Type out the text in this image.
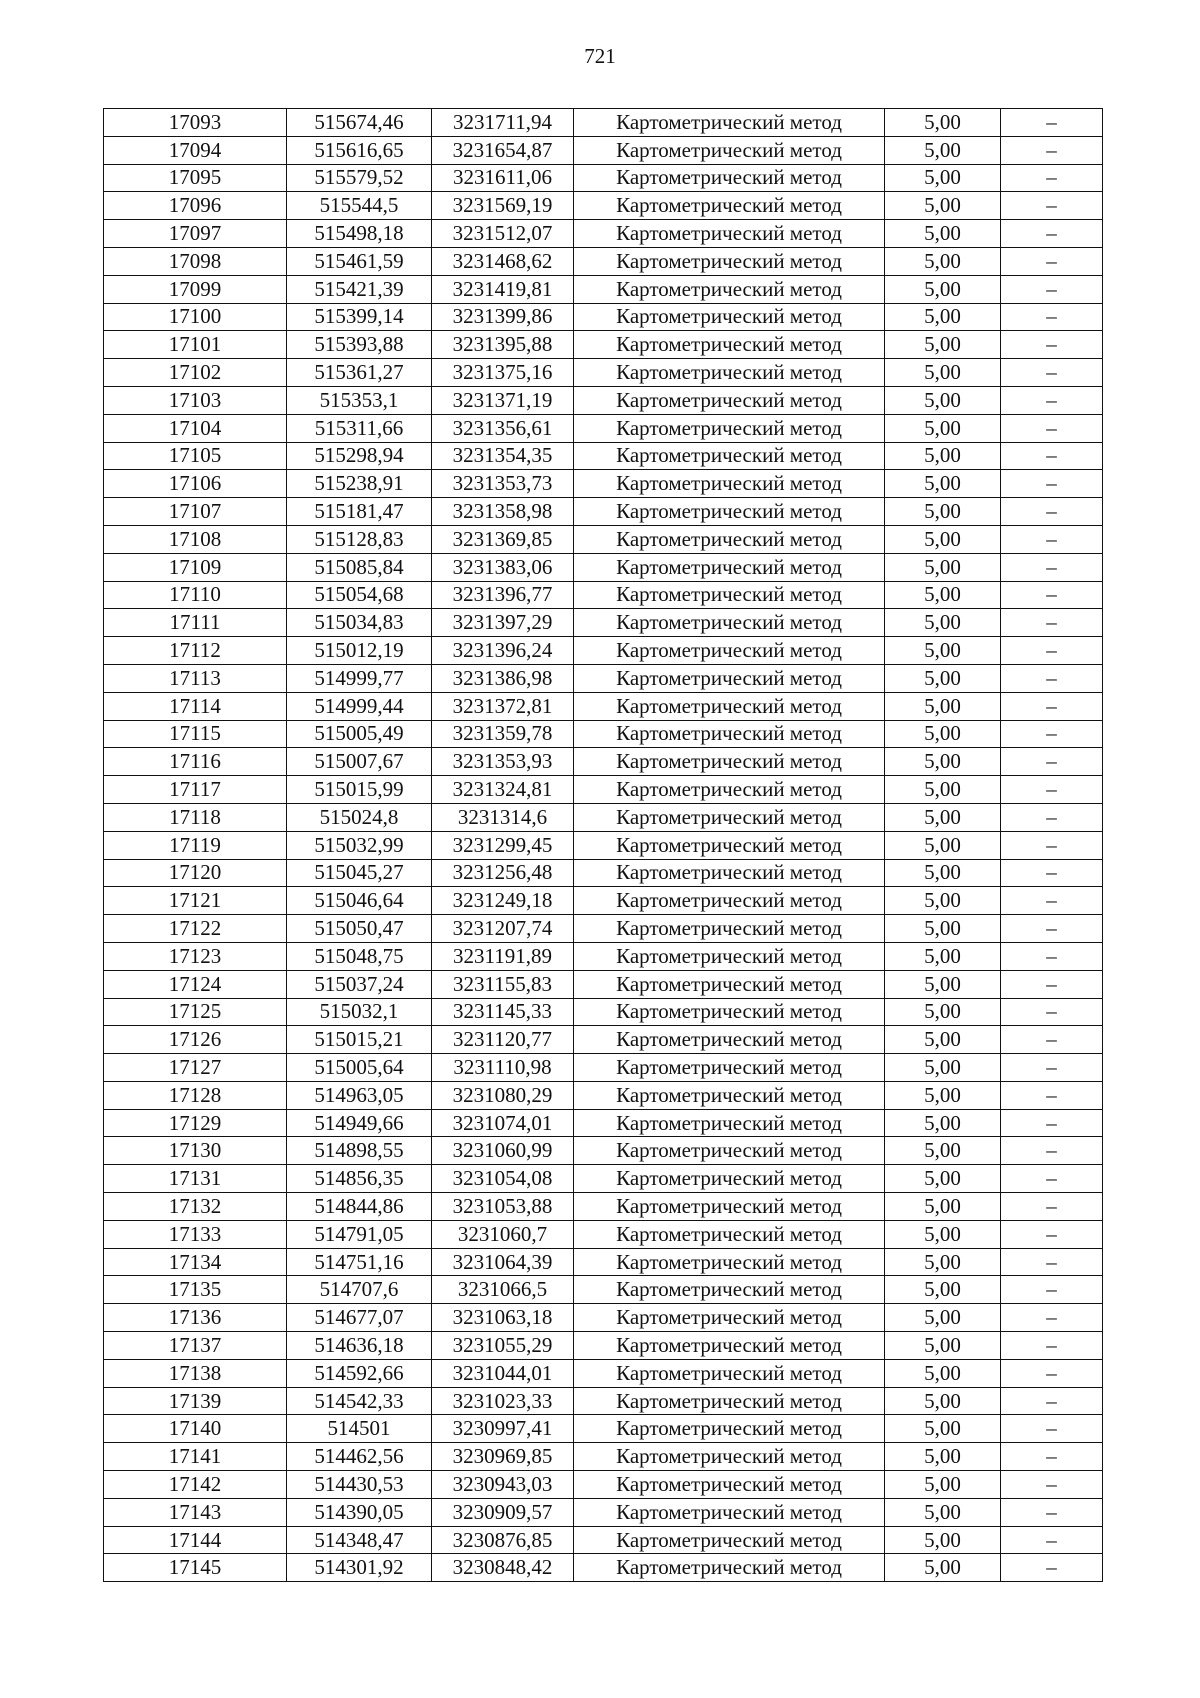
721
17093	515674,46	3231711,94	Картометрический метод	5,00	–
17094	515616,65	3231654,87	Картометрический метод	5,00	–
17095	515579,52	3231611,06	Картометрический метод	5,00	–
17096	515544,5	3231569,19	Картометрический метод	5,00	–
17097	515498,18	3231512,07	Картометрический метод	5,00	–
17098	515461,59	3231468,62	Картометрический метод	5,00	–
17099	515421,39	3231419,81	Картометрический метод	5,00	–
17100	515399,14	3231399,86	Картометрический метод	5,00	–
17101	515393,88	3231395,88	Картометрический метод	5,00	–
17102	515361,27	3231375,16	Картометрический метод	5,00	–
17103	515353,1	3231371,19	Картометрический метод	5,00	–
17104	515311,66	3231356,61	Картометрический метод	5,00	–
17105	515298,94	3231354,35	Картометрический метод	5,00	–
17106	515238,91	3231353,73	Картометрический метод	5,00	–
17107	515181,47	3231358,98	Картометрический метод	5,00	–
17108	515128,83	3231369,85	Картометрический метод	5,00	–
17109	515085,84	3231383,06	Картометрический метод	5,00	–
17110	515054,68	3231396,77	Картометрический метод	5,00	–
17111	515034,83	3231397,29	Картометрический метод	5,00	–
17112	515012,19	3231396,24	Картометрический метод	5,00	–
17113	514999,77	3231386,98	Картометрический метод	5,00	–
17114	514999,44	3231372,81	Картометрический метод	5,00	–
17115	515005,49	3231359,78	Картометрический метод	5,00	–
17116	515007,67	3231353,93	Картометрический метод	5,00	–
17117	515015,99	3231324,81	Картометрический метод	5,00	–
17118	515024,8	3231314,6	Картометрический метод	5,00	–
17119	515032,99	3231299,45	Картометрический метод	5,00	–
17120	515045,27	3231256,48	Картометрический метод	5,00	–
17121	515046,64	3231249,18	Картометрический метод	5,00	–
17122	515050,47	3231207,74	Картометрический метод	5,00	–
17123	515048,75	3231191,89	Картометрический метод	5,00	–
17124	515037,24	3231155,83	Картометрический метод	5,00	–
17125	515032,1	3231145,33	Картометрический метод	5,00	–
17126	515015,21	3231120,77	Картометрический метод	5,00	–
17127	515005,64	3231110,98	Картометрический метод	5,00	–
17128	514963,05	3231080,29	Картометрический метод	5,00	–
17129	514949,66	3231074,01	Картометрический метод	5,00	–
17130	514898,55	3231060,99	Картометрический метод	5,00	–
17131	514856,35	3231054,08	Картометрический метод	5,00	–
17132	514844,86	3231053,88	Картометрический метод	5,00	–
17133	514791,05	3231060,7	Картометрический метод	5,00	–
17134	514751,16	3231064,39	Картометрический метод	5,00	–
17135	514707,6	3231066,5	Картометрический метод	5,00	–
17136	514677,07	3231063,18	Картометрический метод	5,00	–
17137	514636,18	3231055,29	Картометрический метод	5,00	–
17138	514592,66	3231044,01	Картометрический метод	5,00	–
17139	514542,33	3231023,33	Картометрический метод	5,00	–
17140	514501	3230997,41	Картометрический метод	5,00	–
17141	514462,56	3230969,85	Картометрический метод	5,00	–
17142	514430,53	3230943,03	Картометрический метод	5,00	–
17143	514390,05	3230909,57	Картометрический метод	5,00	–
17144	514348,47	3230876,85	Картометрический метод	5,00	–
17145	514301,92	3230848,42	Картометрический метод	5,00	–
